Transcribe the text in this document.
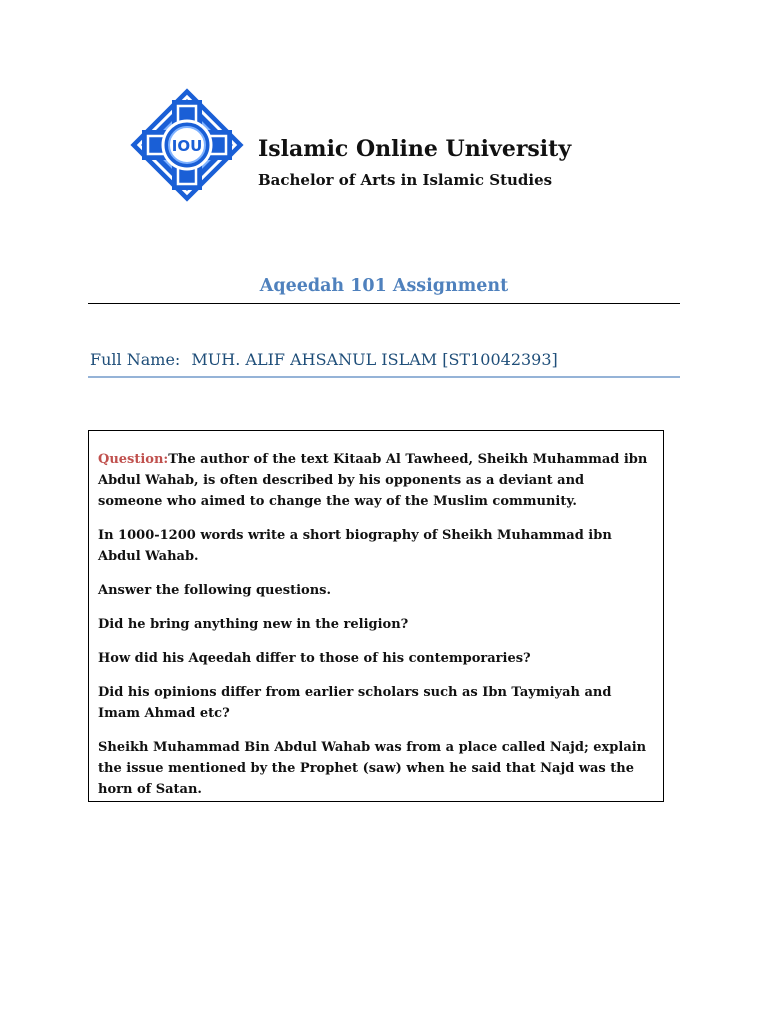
IOU	Islamic Online University
Bachelor of Arts in Islamic Studies
Aqeedah 101 Assignment
Full Name: MUH. ALIF AHSANUL ISLAM [ST10042393]

Question:The author of the text Kitaab Al Tawheed, Sheikh Muhammad ibn Abdul Wahab, is often described by his opponents as a deviant and someone who aimed to change the way of the Muslim community.

In 1000-1200 words write a short biography of Sheikh Muhammad ibn Abdul Wahab.

Answer the following questions.

Did he bring anything new in the religion?

How did his Aqeedah differ to those of his contemporaries?

Did his opinions differ from earlier scholars such as Ibn Taymiyah and Imam Ahmad etc?

Sheikh Muhammad Bin Abdul Wahab was from a place called Najd; explain the issue mentioned by the Prophet (saw) when he said that Najd was the horn of Satan.
